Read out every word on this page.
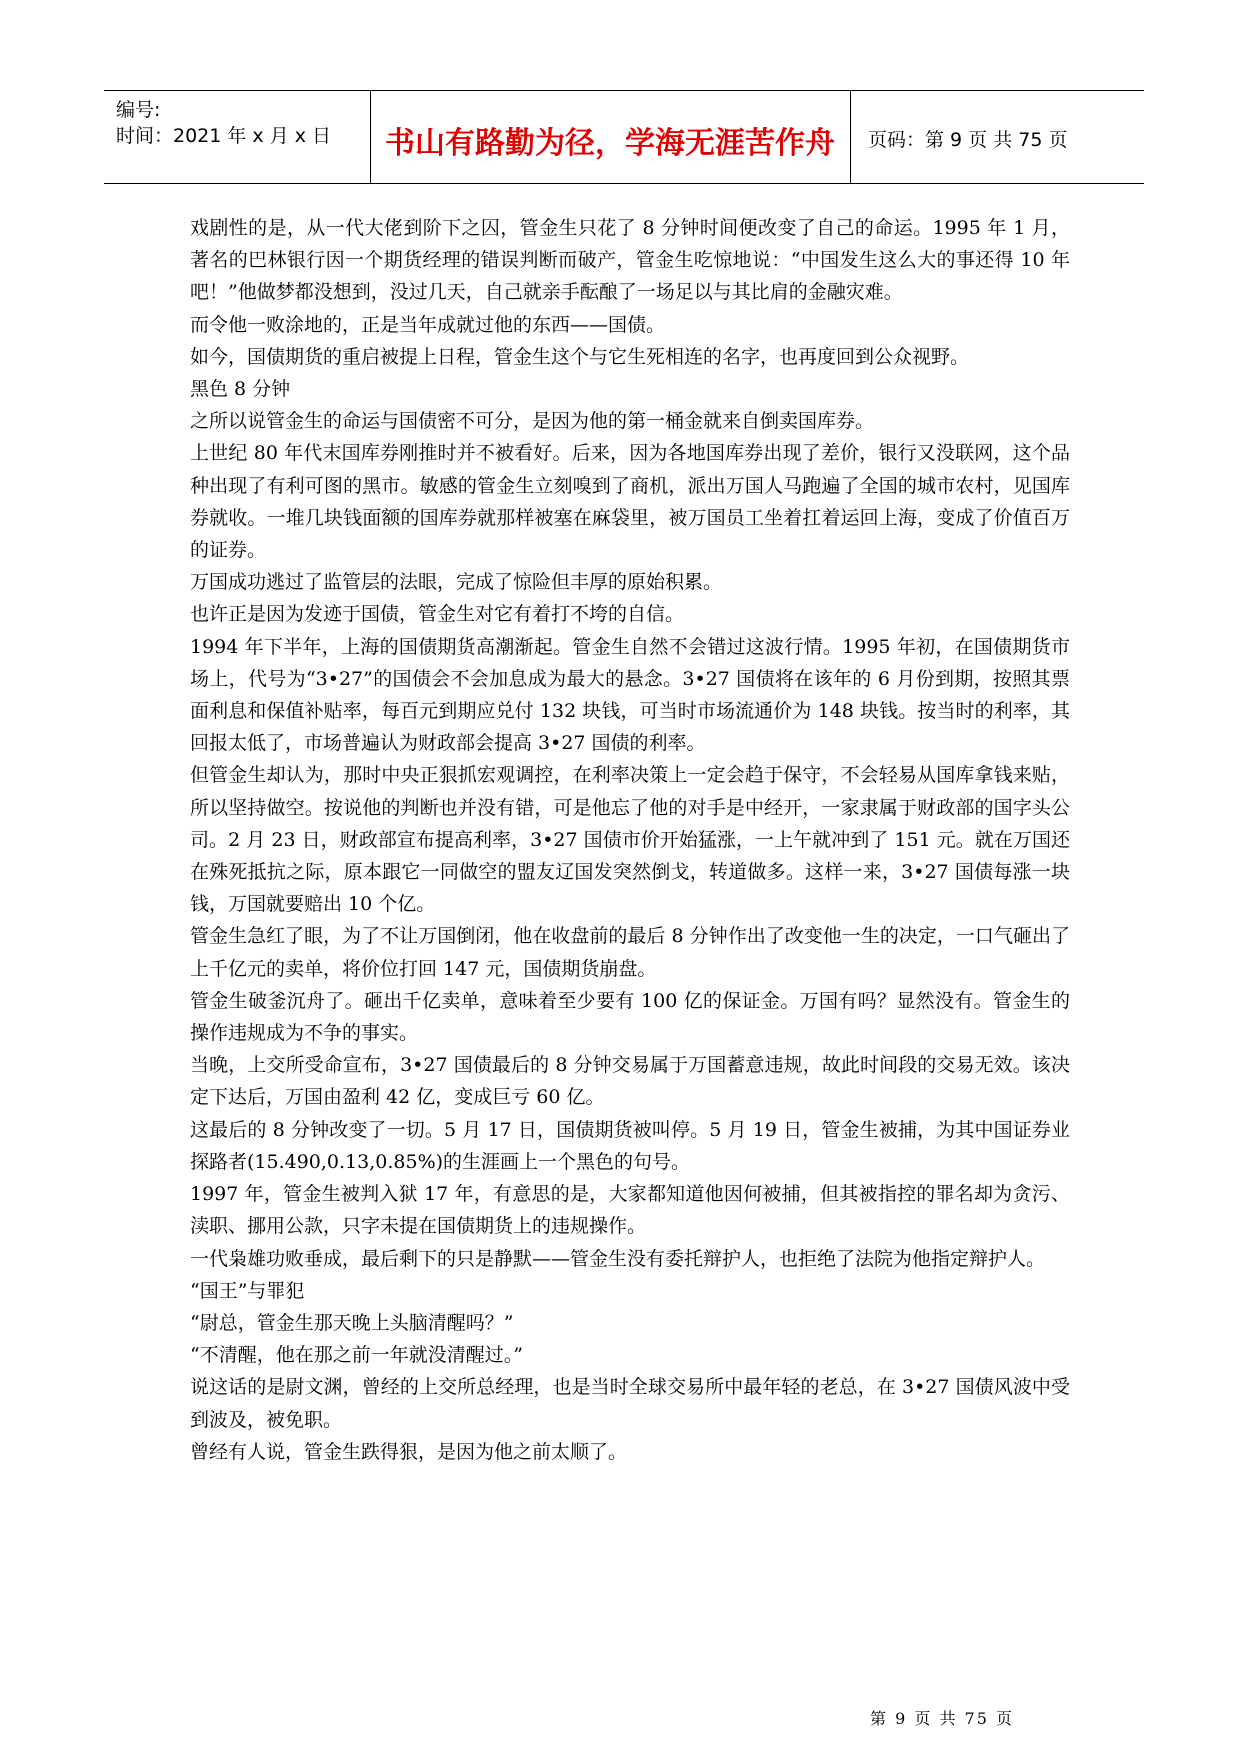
编号:
时间：2021 年 x 月 x 日	书山有路勤为径，学海无涯苦作舟	页码：第 9 页 共 75 页

戏剧性的是，从一代大佬到阶下之囚，管金生只花了 8 分钟时间便改变了自己的命运。1995 年 1 月，著名的巴林银行因一个期货经理的错误判断而破产，管金生吃惊地说：“中国发生这么大的事还得 10 年吧！”他做梦都没想到，没过几天，自己就亲手酝酿了一场足以与其比肩的金融灾难。

而令他一败涂地的，正是当年成就过他的东西——国债。

如今，国债期货的重启被提上日程，管金生这个与它生死相连的名字，也再度回到公众视野。

黑色 8 分钟

之所以说管金生的命运与国债密不可分，是因为他的第一桶金就来自倒卖国库券。

上世纪 80 年代末国库券刚推时并不被看好。后来，因为各地国库券出现了差价，银行又没联网，这个品种出现了有利可图的黑市。敏感的管金生立刻嗅到了商机，派出万国人马跑遍了全国的城市农村，见国库券就收。一堆几块钱面额的国库券就那样被塞在麻袋里，被万国员工坐着扛着运回上海，变成了价值百万的证券。

万国成功逃过了监管层的法眼，完成了惊险但丰厚的原始积累。

也许正是因为发迹于国债，管金生对它有着打不垮的自信。

1994 年下半年，上海的国债期货高潮渐起。管金生自然不会错过这波行情。1995 年初，在国债期货市场上，代号为“3•27”的国债会不会加息成为最大的悬念。3•27 国债将在该年的 6 月份到期，按照其票面利息和保值补贴率，每百元到期应兑付 132 块钱，可当时市场流通价为 148 块钱。按当时的利率，其回报太低了，市场普遍认为财政部会提高 3•27 国债的利率。

但管金生却认为，那时中央正狠抓宏观调控，在利率决策上一定会趋于保守，不会轻易从国库拿钱来贴，所以坚持做空。按说他的判断也并没有错，可是他忘了他的对手是中经开，一家隶属于财政部的国字头公司。2 月 23 日，财政部宣布提高利率，3•27 国债市价开始猛涨，一上午就冲到了 151 元。就在万国还在殊死抵抗之际，原本跟它一同做空的盟友辽国发突然倒戈，转道做多。这样一来，3•27 国债每涨一块钱，万国就要赔出 10 个亿。

管金生急红了眼，为了不让万国倒闭，他在收盘前的最后 8 分钟作出了改变他一生的决定，一口气砸出了上千亿元的卖单，将价位打回 147 元，国债期货崩盘。

管金生破釜沉舟了。砸出千亿卖单，意味着至少要有 100 亿的保证金。万国有吗？显然没有。管金生的操作违规成为不争的事实。

当晚，上交所受命宣布，3•27 国债最后的 8 分钟交易属于万国蓄意违规，故此时间段的交易无效。该决定下达后，万国由盈利 42 亿，变成巨亏 60 亿。

这最后的 8 分钟改变了一切。5 月 17 日，国债期货被叫停。5 月 19 日，管金生被捕，为其中国证券业探路者(15.490,0.13,0.85%)的生涯画上一个黑色的句号。

1997 年，管金生被判入狱 17 年，有意思的是，大家都知道他因何被捕，但其被指控的罪名却为贪污、渎职、挪用公款，只字未提在国债期货上的违规操作。

一代枭雄功败垂成，最后剩下的只是静默——管金生没有委托辩护人，也拒绝了法院为他指定辩护人。

“国王”与罪犯

“尉总，管金生那天晚上头脑清醒吗？”

“不清醒，他在那之前一年就没清醒过。”

说这话的是尉文渊，曾经的上交所总经理，也是当时全球交易所中最年轻的老总，在 3•27 国债风波中受到波及，被免职。

曾经有人说，管金生跌得狠，是因为他之前太顺了。

第 9 页 共 75 页
